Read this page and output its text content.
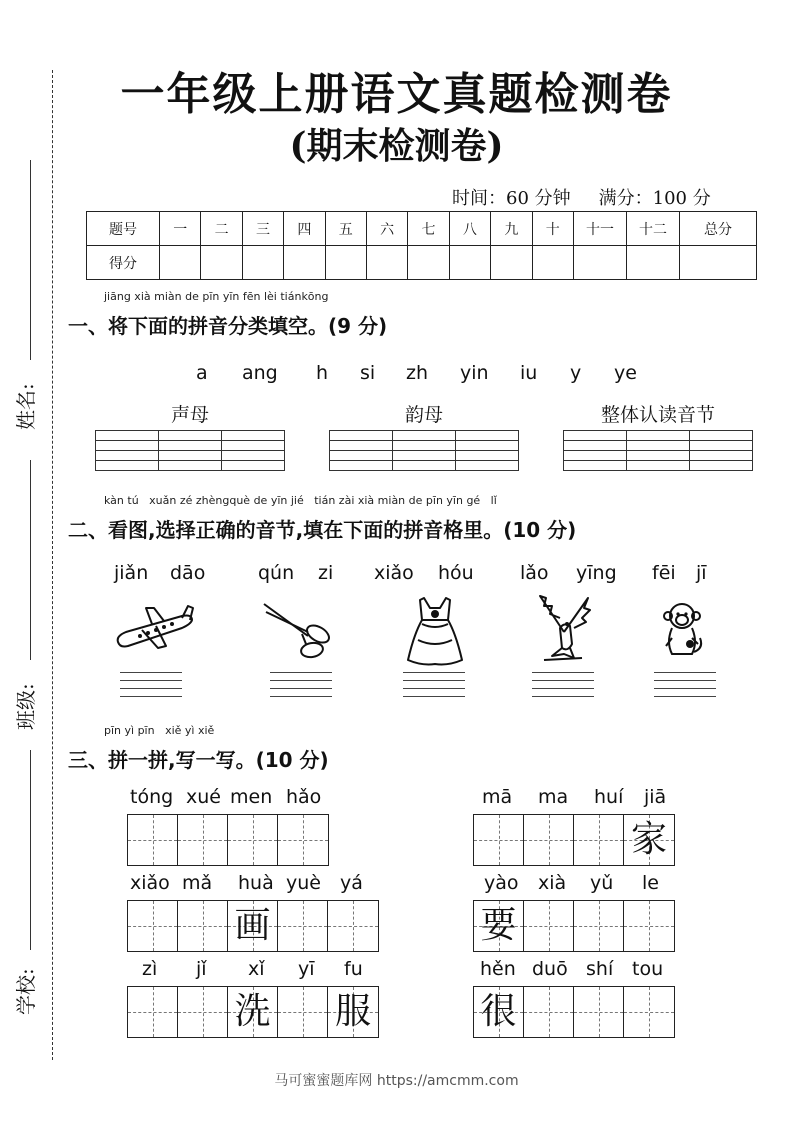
姓名:
班级:
学校:
一年级上册语文真题检测卷
(期末检测卷)
时间：60 分钟 满分：100 分
题号	一	二	三	四	五	六	七	八	九	十	十一	十二	总分
得分													
jiāng xià miàn de pīn yīn fēn lèi tiánkōng
一、将下面的拼音分类填空。(9 分)
a ang h si zh yin iu y ye
声母	韵母	整体认读音节

kàn tú   xuǎn zé zhèngquè de yīn jié   tián zài xià miàn de pīn yīn gé   lǐ
二、看图,选择正确的音节,填在下面的拼音格里。(10 分)
jiǎn dāo	qún zi xiǎo hóu lǎo yīng fēi jī
pīn yì pīn   xiě yì xiě
三、拼一拼,写一写。(10 分)
tóng xué men hǎo	mā ma huí jiā
家
xiǎo mǎ huà yuè yá
画
yào xià yǔ le
要
zì jǐ xǐ yī fu
洗 服
hěn duō shí tou
很
马可蜜蜜题库网 https://amcmm.com
